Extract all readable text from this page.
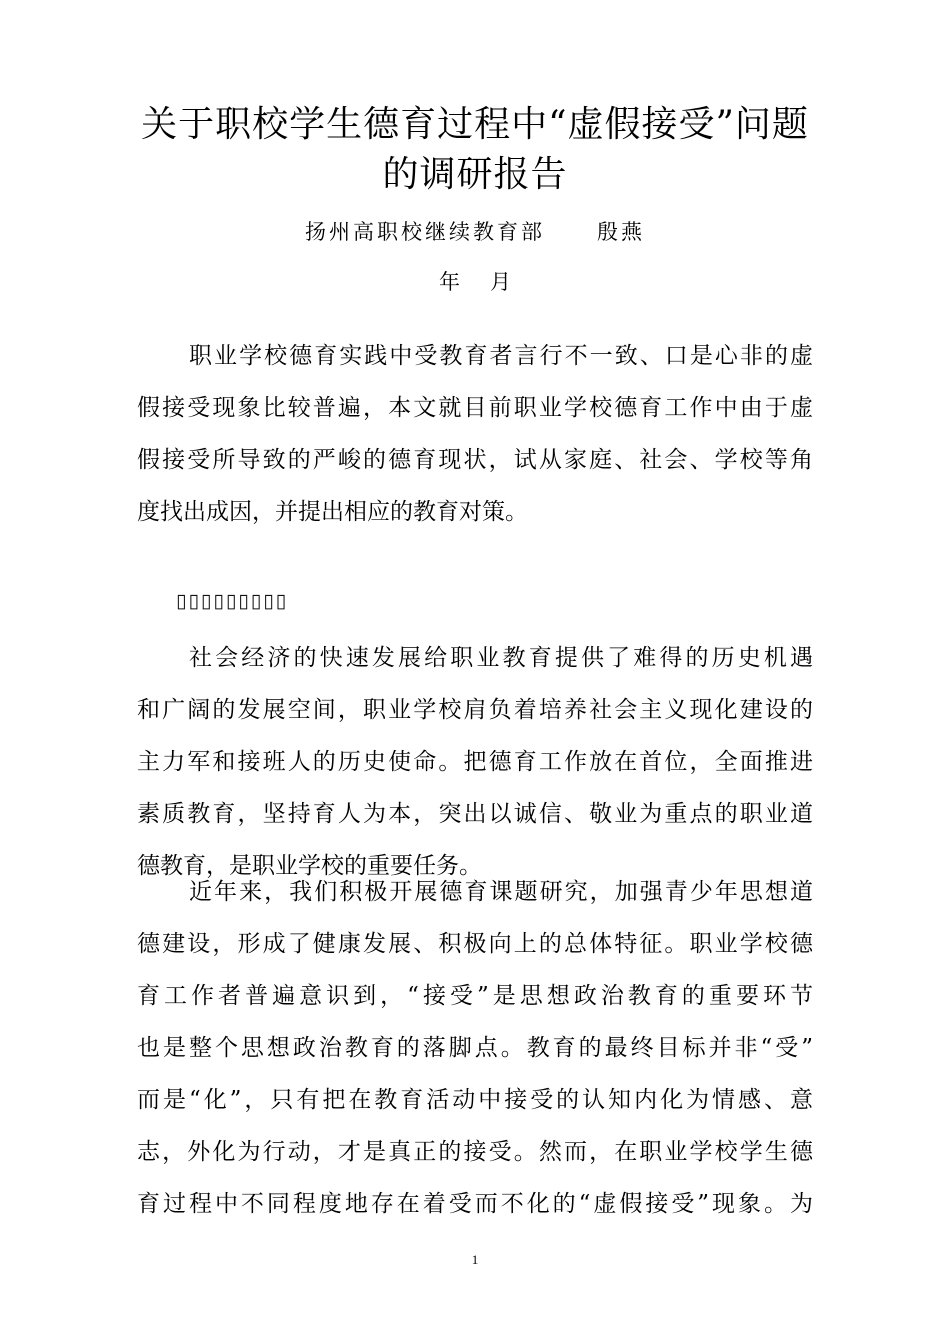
关于职校学生德育过程中“虚假接受”问题
的调研报告
扬州高职校继续教育部 殷燕
年 月
职业学校德育实践中受教育者言行不一致、口是心非的虚
假接受现象比较普遍，本文就目前职业学校德育工作中由于虚
假接受所导致的严峻的德育现状，试从家庭、社会、学校等角
度找出成因，并提出相应的教育对策。
▯▯▯▯▯▯▯▯▯
社会经济的快速发展给职业教育提供了难得的历史机遇
和广阔的发展空间，职业学校肩负着培养社会主义现化建设的
主力军和接班人的历史使命。把德育工作放在首位，全面推进
素质教育，坚持育人为本，突出以诚信、敬业为重点的职业道
德教育，是职业学校的重要任务。
近年来，我们积极开展德育课题研究，加强青少年思想道
德建设，形成了健康发展、积极向上的总体特征。职业学校德
育工作者普遍意识到，“接受”是思想政治教育的重要环节
也是整个思想政治教育的落脚点。教育的最终目标并非“受”
而是“化”，只有把在教育活动中接受的认知内化为情感、意
志，外化为行动，才是真正的接受。然而，在职业学校学生德
育过程中不同程度地存在着受而不化的“虚假接受”现象。为
1
